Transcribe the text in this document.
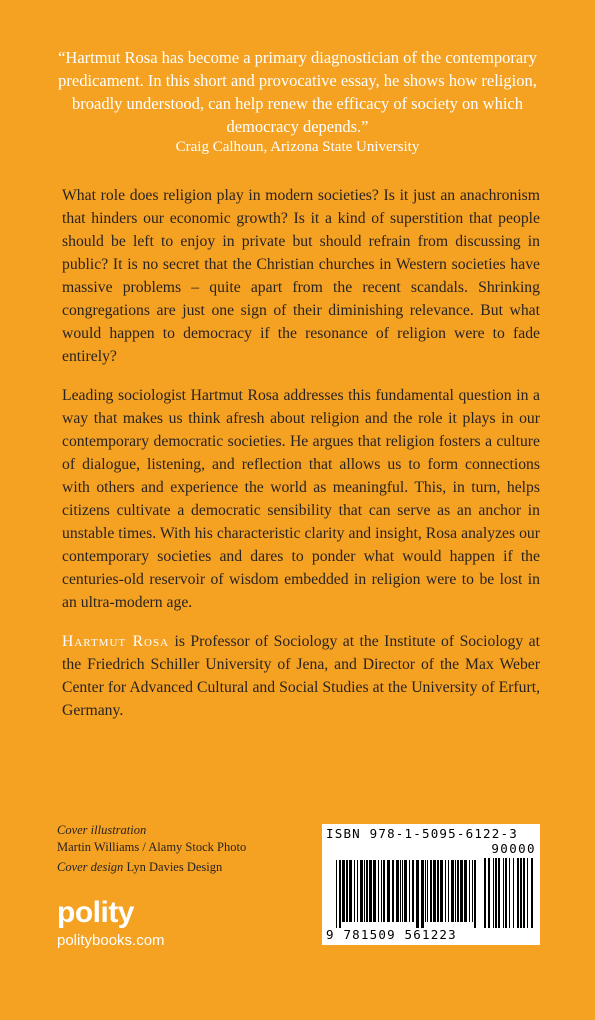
“Hartmut Rosa has become a primary diagnostician of the contemporary
predicament. In this short and provocative essay, he shows how religion,
broadly understood, can help renew the efficacy of society on which
democracy depends.”
Craig Calhoun, Arizona State University

What role does religion play in modern societies? Is it just an anachronism that hinders our economic growth? Is it a kind of superstition that people should be left to enjoy in private but should refrain from discussing in public? It is no secret that the Christian churches in Western societies have massive problems – quite apart from the recent scandals. Shrinking congregations are just one sign of their diminishing relevance. But what would happen to democracy if the resonance of religion were to fade entirely?

Leading sociologist Hartmut Rosa addresses this fundamental question in a way that makes us think afresh about religion and the role it plays in our contemporary democratic societies. He argues that religion fosters a culture of dialogue, listening, and reflection that allows us to form connections with others and experience the world as meaningful. This, in turn, helps citizens cultivate a democratic sensibility that can serve as an anchor in unstable times. With his characteristic clarity and insight, Rosa analyzes our contemporary societies and dares to ponder what would happen if the centuries-old reservoir of wisdom embedded in religion were to be lost in an ultra-modern age.

Hartmut Rosa is Professor of Sociology at the Institute of Sociology at the Friedrich Schiller University of Jena, and Director of the Max Weber Center for Advanced Cultural and Social Studies at the University of Erfurt, Germany.

Cover illustration
Martin Williams / Alamy Stock Photo
Cover design Lyn Davies Design
polity
politybooks.com
ISBN 978-1-5095-6122-3
90000
9 781509 561223
